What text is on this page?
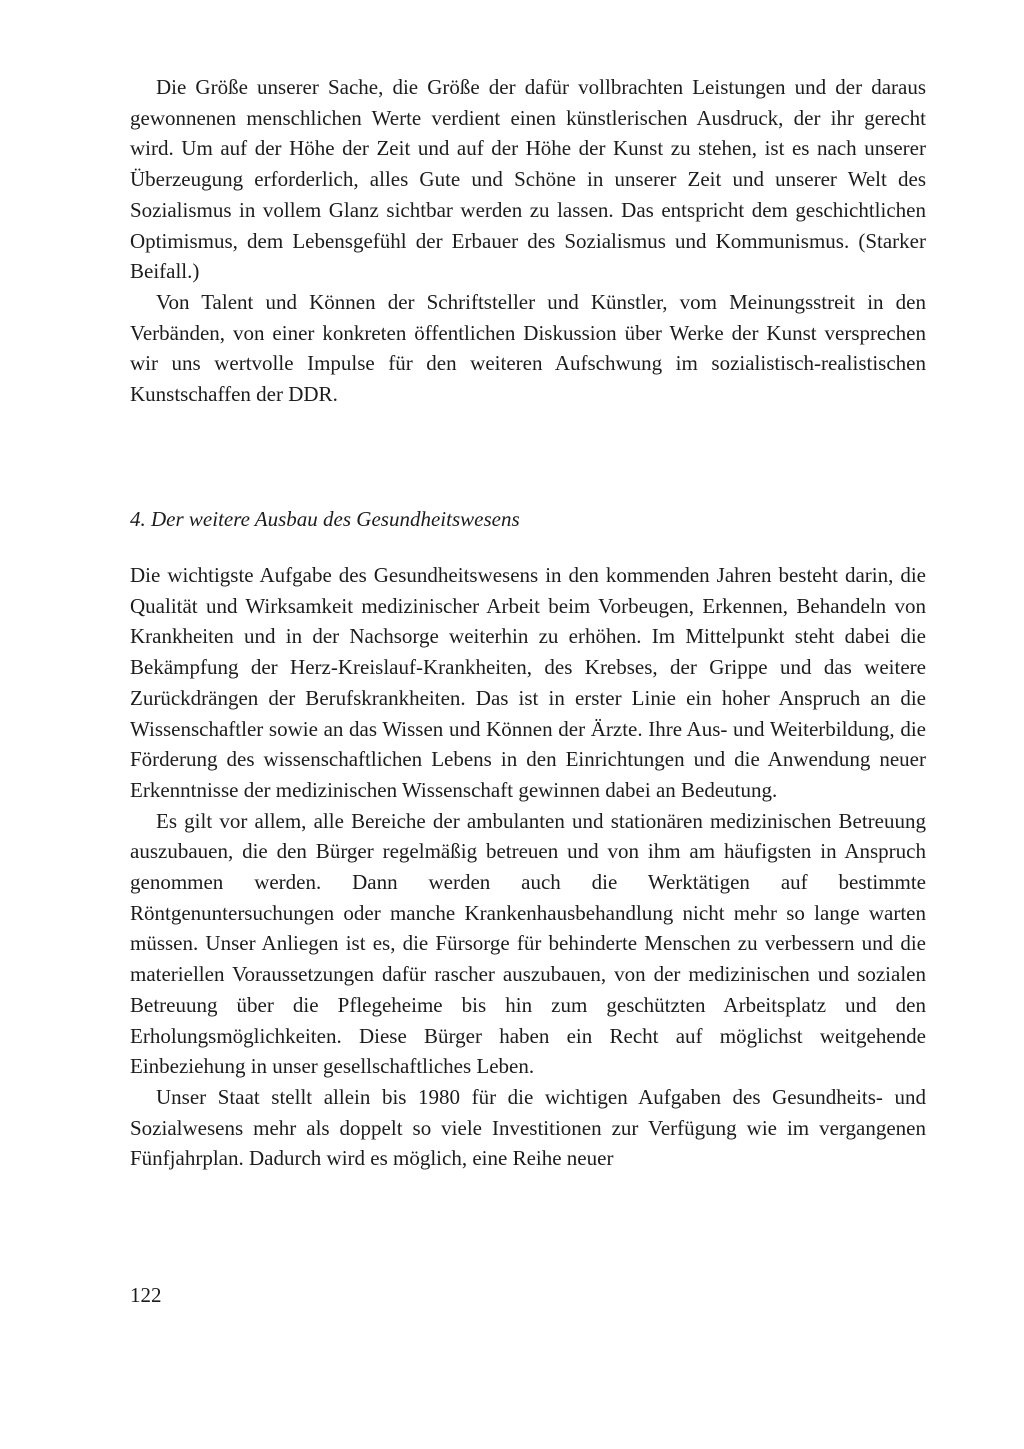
Die Größe unserer Sache, die Größe der dafür vollbrachten Leistungen und der daraus gewonnenen menschlichen Werte verdient einen künstlerischen Ausdruck, der ihr gerecht wird. Um auf der Höhe der Zeit und auf der Höhe der Kunst zu stehen, ist es nach unserer Überzeugung erforderlich, alles Gute und Schöne in unserer Zeit und unserer Welt des Sozialismus in vollem Glanz sichtbar werden zu lassen. Das entspricht dem geschichtlichen Optimismus, dem Lebensgefühl der Erbauer des Sozialismus und Kommunismus. (Starker Beifall.)

Von Talent und Können der Schriftsteller und Künstler, vom Meinungsstreit in den Verbänden, von einer konkreten öffentlichen Diskussion über Werke der Kunst versprechen wir uns wertvolle Impulse für den weiteren Aufschwung im sozialistisch-realistischen Kunstschaffen der DDR.

4. Der weitere Ausbau des Gesundheitswesens

Die wichtigste Aufgabe des Gesundheitswesens in den kommenden Jahren besteht darin, die Qualität und Wirksamkeit medizinischer Arbeit beim Vorbeugen, Erkennen, Behandeln von Krankheiten und in der Nachsorge weiterhin zu erhöhen. Im Mittelpunkt steht dabei die Bekämpfung der Herz-Kreislauf-Krankheiten, des Krebses, der Grippe und das weitere Zurückdrängen der Berufskrankheiten. Das ist in erster Linie ein hoher Anspruch an die Wissenschaftler sowie an das Wissen und Können der Ärzte. Ihre Aus- und Weiterbildung, die Förderung des wissenschaftlichen Lebens in den Einrichtungen und die Anwendung neuer Erkenntnisse der medizinischen Wissenschaft gewinnen dabei an Bedeutung.

Es gilt vor allem, alle Bereiche der ambulanten und stationären medizinischen Betreuung auszubauen, die den Bürger regelmäßig betreuen und von ihm am häufigsten in Anspruch genommen werden. Dann werden auch die Werktätigen auf bestimmte Röntgenuntersuchungen oder manche Krankenhausbehandlung nicht mehr so lange warten müssen. Unser Anliegen ist es, die Fürsorge für behinderte Menschen zu verbessern und die materiellen Voraussetzungen dafür rascher auszubauen, von der medizinischen und sozialen Betreuung über die Pflegeheime bis hin zum geschützten Arbeitsplatz und den Erholungsmöglichkeiten. Diese Bürger haben ein Recht auf möglichst weitgehende Einbeziehung in unser gesellschaftliches Leben.

Unser Staat stellt allein bis 1980 für die wichtigen Aufgaben des Gesundheits- und Sozialwesens mehr als doppelt so viele Investitionen zur Verfügung wie im vergangenen Fünfjahrplan. Dadurch wird es möglich, eine Reihe neuer

122
